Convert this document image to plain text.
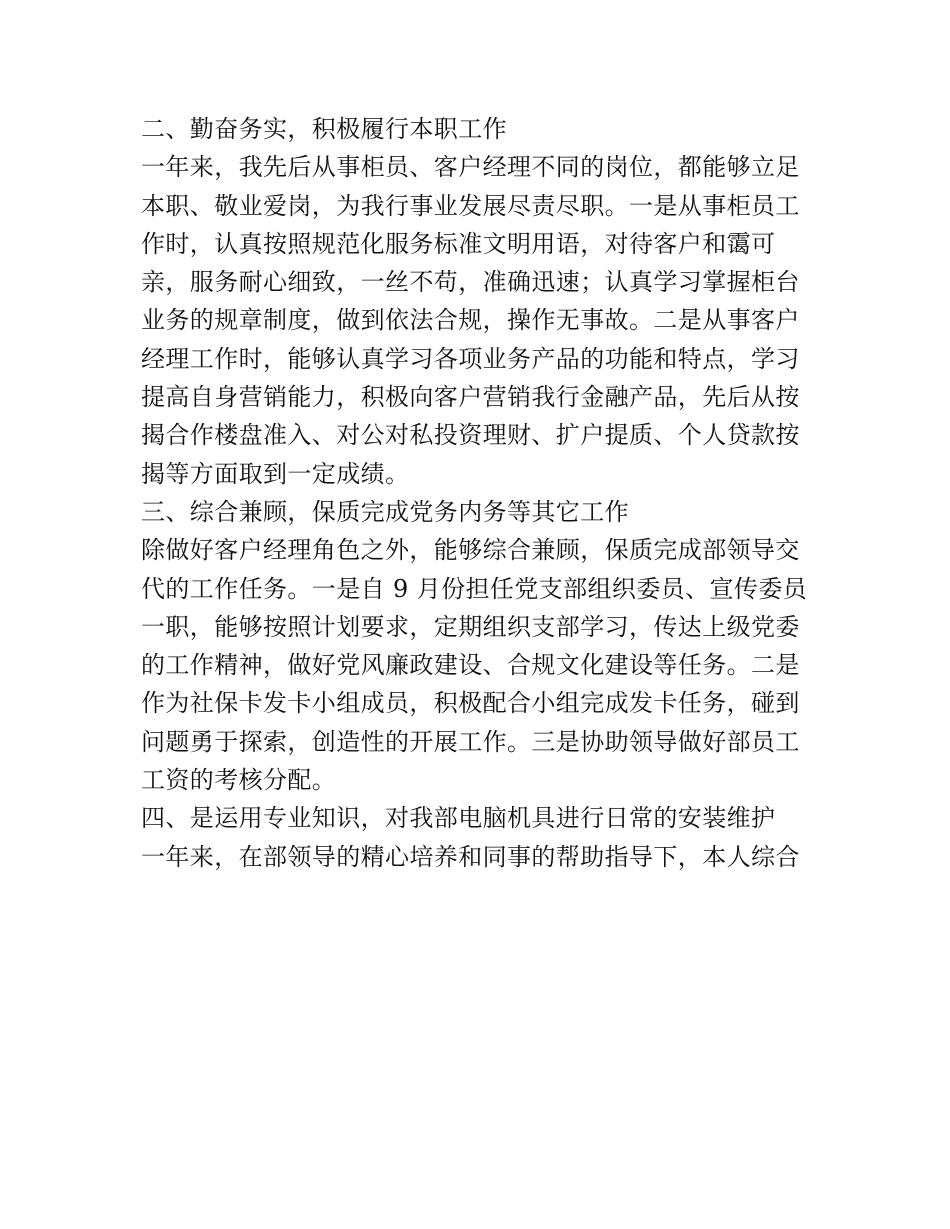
二、勤奋务实，积极履行本职工作
一年来，我先后从事柜员、客户经理不同的岗位，都能够立足
本职、敬业爱岗，为我行事业发展尽责尽职。一是从事柜员工
作时，认真按照规范化服务标准文明用语，对待客户和霭可
亲，服务耐心细致，一丝不苟，准确迅速；认真学习掌握柜台
业务的规章制度，做到依法合规，操作无事故。二是从事客户
经理工作时，能够认真学习各项业务产品的功能和特点，学习
提高自身营销能力，积极向客户营销我行金融产品，先后从按
揭合作楼盘准入、对公对私投资理财、扩户提质、个人贷款按
揭等方面取到一定成绩。
三、综合兼顾，保质完成党务内务等其它工作
除做好客户经理角色之外，能够综合兼顾，保质完成部领导交
代的工作任务。一是自 9 月份担任党支部组织委员、宣传委员
一职，能够按照计划要求，定期组织支部学习，传达上级党委
的工作精神，做好党风廉政建设、合规文化建设等任务。二是
作为社保卡发卡小组成员，积极配合小组完成发卡任务，碰到
问题勇于探索，创造性的开展工作。三是协助领导做好部员工
工资的考核分配。
四、是运用专业知识，对我部电脑机具进行日常的安装维护
一年来，在部领导的精心培养和同事的帮助指导下，本人综合
